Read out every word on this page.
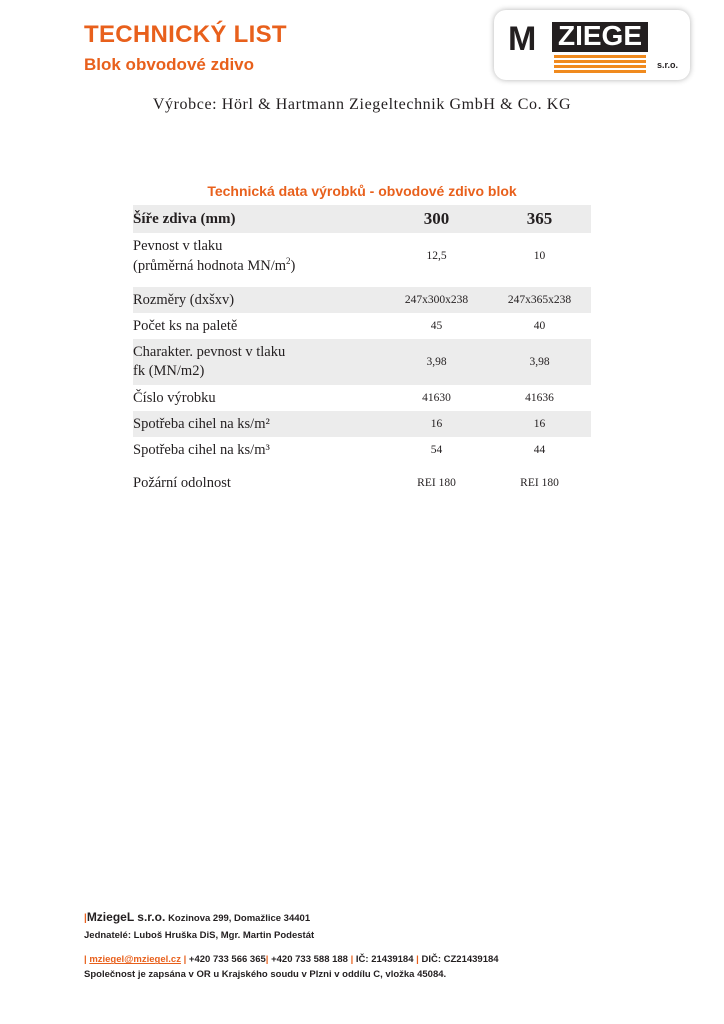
TECHNICKÝ LIST
Blok obvodové zdivo
M ZIEGE
s.r.o.
Výrobce: Hörl & Hartmann Ziegeltechnik GmbH & Co. KG
Technická data výrobků - obvodové zdivo blok
Šíře zdiva (mm)	300	365
Pevnost v tlaku
(průměrná hodnota $MN/m^2$)	12,5	10

Rozměry (dxšxv)	247x300x238	247x365x238
Počet ks na paletě	45	40
Charakter. pevnost v tlaku
fk (MN/m2)	3,98	3,98
Číslo výrobku	41630	41636
Spotřeba cihel na ks/m²	16	16
Spotřeba cihel na ks/m³	54	44

Požární odolnost	REI 180	REI 180
|MziegeL s.r.o. Kozinova 299, Domažlice 34401
Jednatelé: Luboš Hruška DiS, Mgr. Martin Podestát
| mziegel@mziegel.cz | +420 733 566 365| +420 733 588 188 | IČ: 21439184 | DIČ: CZ21439184
Společnost je zapsána v OR u Krajského soudu v Plzni v oddílu C, vložka 45084.
